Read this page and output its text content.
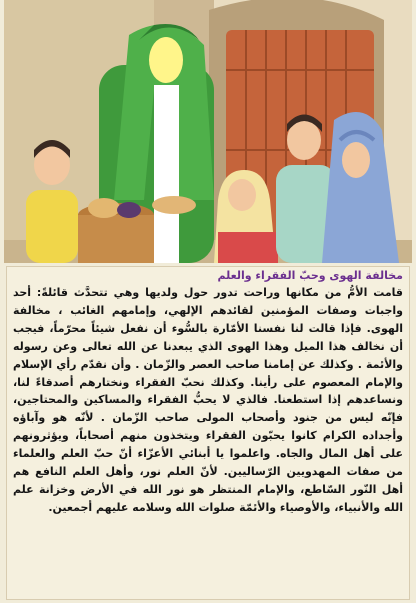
مخالفة الهوى وحبّ الفقراء والعلم

قامت الأمُّ من مكانها وراحت تدور حول ولديها وهي تتحدَّث قائلةً: أحد واجبات وصفات المؤمنين لقائدهم الإلهي، وإمامهم الغائب ، مخالفة الهوى. فإذا قالت لنا نفسنا الأمّارة بالسُّوء أن نفعل شيئاً محرّماً، فيجب أن نخالف هذا الميل وهذا الهوى الذي يبعدنا عن الله تعالى وعن رسوله والأئمة . وكذلك عن إمامنا صاحب العصر والزّمان . وأن نقدّم رأي الإسلام والإمام المعصوم على رأينا. وكذلك نحبّ الفقراء ونختارهم أصدقاءً لنا، ونساعدهم إذا استطعنا. فالذي لا يحبُّ الفقراء والمساكين والمحتاجين، فإنّه ليس من جنود وأصحاب المولى صاحب الزّمان . لأنّه هو وآباؤه وأجداده الكرام كانوا يحبّون الفقراء ويتخذون منهم أصحاباً، ويؤثرونهم على أهل المال والجاه. واعلموا يا أبنائي الأعزّاء أنّ حبّ العلم والعلماء من صفات المهدويين الرّساليين. لأنّ العلم نور، وأهل العلم النافع هم أهل النّور السّاطع، والإمام المنتظر هو نور الله في الأرض وخزانة علم الله والأنبياء، والأوصياء والأئمّة صلوات الله وسلامه عليهم أجمعين.
